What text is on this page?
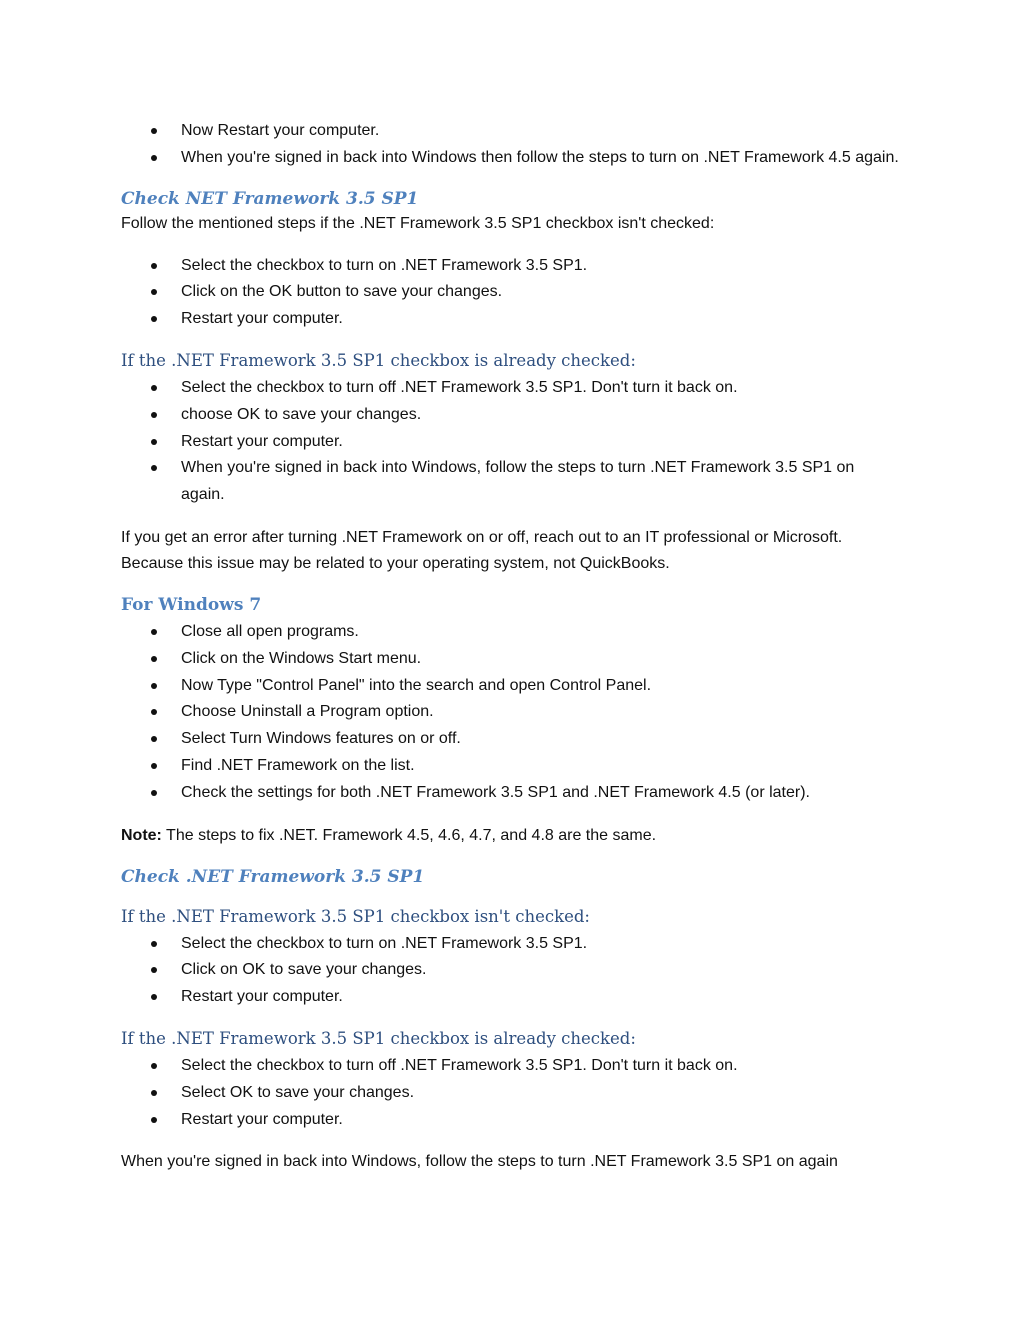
Now Restart your computer.
When you're signed in back into Windows then follow the steps to turn on .NET Framework 4.5 again.
Check NET Framework 3.5 SP1

Follow the mentioned steps if the .NET Framework 3.5 SP1 checkbox isn't checked:

Select the checkbox to turn on .NET Framework 3.5 SP1.
Click on the OK button to save your changes.
Restart your computer.
If the .NET Framework 3.5 SP1 checkbox is already checked:
Select the checkbox to turn off .NET Framework 3.5 SP1. Don't turn it back on.
choose OK to save your changes.
Restart your computer.
When you're signed in back into Windows, follow the steps to turn .NET Framework 3.5 SP1 on again.

If you get an error after turning .NET Framework on or off, reach out to an IT professional or Microsoft. Because this issue may be related to your operating system, not QuickBooks.

For Windows 7
Close all open programs.
Click on the Windows Start menu.
Now Type "Control Panel" into the search and open Control Panel.
Choose Uninstall a Program option.
Select Turn Windows features on or off.
Find .NET Framework on the list.
Check the settings for both .NET Framework 3.5 SP1 and .NET Framework 4.5 (or later).

Note: The steps to fix .NET. Framework 4.5, 4.6, 4.7, and 4.8 are the same.

Check .NET Framework 3.5 SP1
If the .NET Framework 3.5 SP1 checkbox isn't checked:
Select the checkbox to turn on .NET Framework 3.5 SP1.
Click on OK to save your changes.
Restart your computer.
If the .NET Framework 3.5 SP1 checkbox is already checked:
Select the checkbox to turn off .NET Framework 3.5 SP1. Don't turn it back on.
Select OK to save your changes.
Restart your computer.

When you're signed in back into Windows, follow the steps to turn .NET Framework 3.5 SP1 on again
